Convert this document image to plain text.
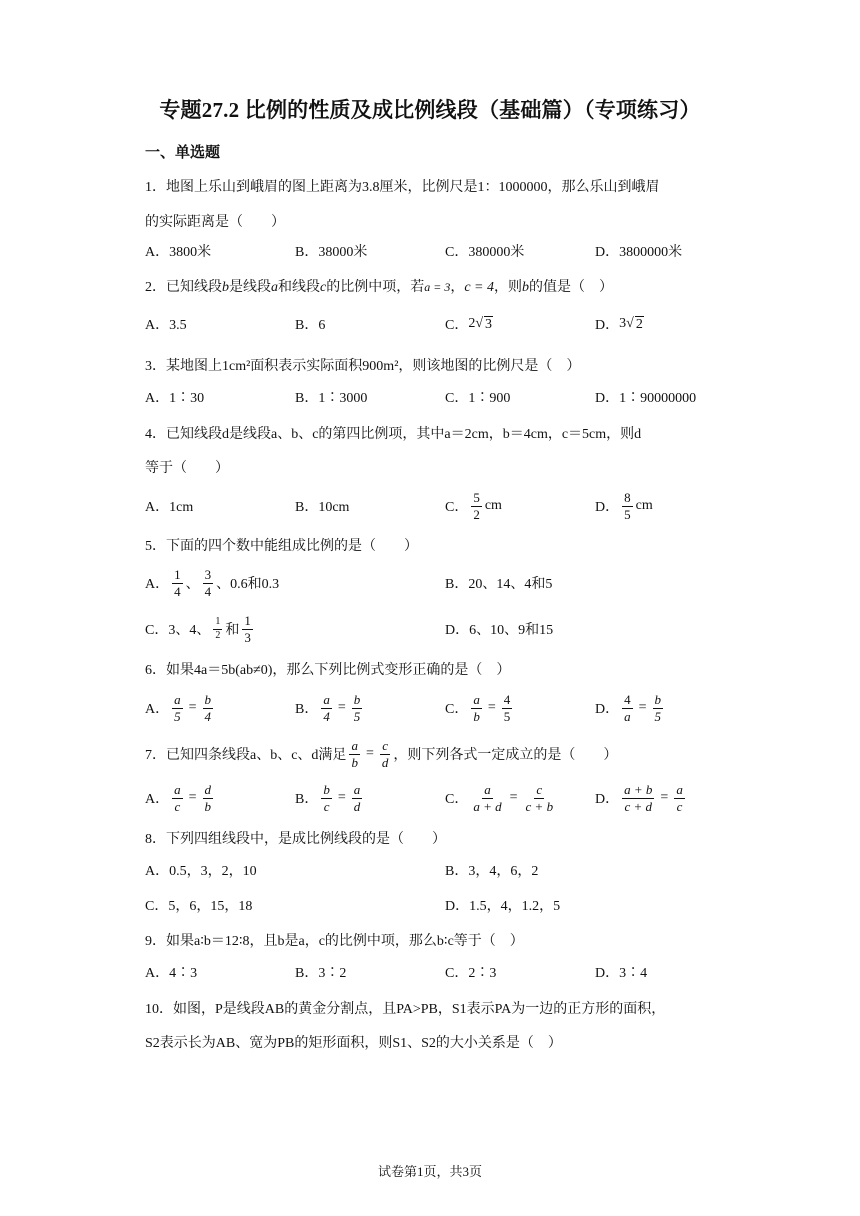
专题27.2 比例的性质及成比例线段（基础篇）（专项练习）
一、单选题
1．地图上乐山到峨眉的图上距离为3.8厘米，比例尺是1：1000000，那么乐山到峨眉
的实际距离是（　　）
A．3800米	B．38000米	C．380000米	D．3800000米
2．已知线段b是线段a和线段c的比例中项，若a = 3，c = 4，则b的值是（　）
A．3.5	B．6	C． 2 √ 3	D． 3 √ 2
3．某地图上1cm²面积表示实际面积900m²，则该地图的比例尺是（　）
A．1∶30	B．1∶3000	C．1∶900	D．1∶90000000
4．已知线段d是线段a、b、c的第四比例项，其中a＝2cm，b＝4cm，c＝5cm，则d
等于（　　）
A．1cm	B．10cm	C． $\frac{5}{2}$ cm	D． $\frac{8}{5}$ cm
5．下面的四个数中能组成比例的是（　　）
A． $\frac{1}{4}$ 、 $\frac{3}{4}$ 、0.6和0.3	B．20、14、4和5
C．3、4、 $\frac{1}{2}$ 和 $\frac{1}{3}$	D．6、10、9和15
6．如果4a＝5b(ab≠0)，那么下列比例式变形正确的是（　）
A． $\frac{a}{5} = \frac{b}{4}$	B． $\frac{a}{4} = \frac{b}{5}$	C． $\frac{a}{b} = \frac{4}{5}$	D． $\frac{4}{a} = \frac{b}{5}$
7．已知四条线段a、b、c、d满足 $\frac{a}{b} = \frac{c}{d}$ ，则下列各式一定成立的是（　　）
A． $\frac{a}{c} = \frac{d}{b}$	B． $\frac{b}{c} = \frac{a}{d}$	C． $\frac{a}{a + d} = \frac{c}{c + b}$	D． $\frac{a + b}{c + d} = \frac{a}{c}$
8．下列四组线段中，是成比例线段的是（　　）
A．0.5，3，2，10	B．3，4，6，2
C．5，6，15，18	D．1.5，4，1.2，5
9．如果a∶b＝12∶8，且b是a，c的比例中项，那么b∶c等于（　）
A．4∶3	B．3∶2	C．2∶3	D．3∶4
10．如图，P是线段AB的黄金分割点，且PA>PB，S1表示PA为一边的正方形的面积，
S2表示长为AB、宽为PB的矩形面积，则S1、S2的大小关系是（　）
试卷第1页，共3页
